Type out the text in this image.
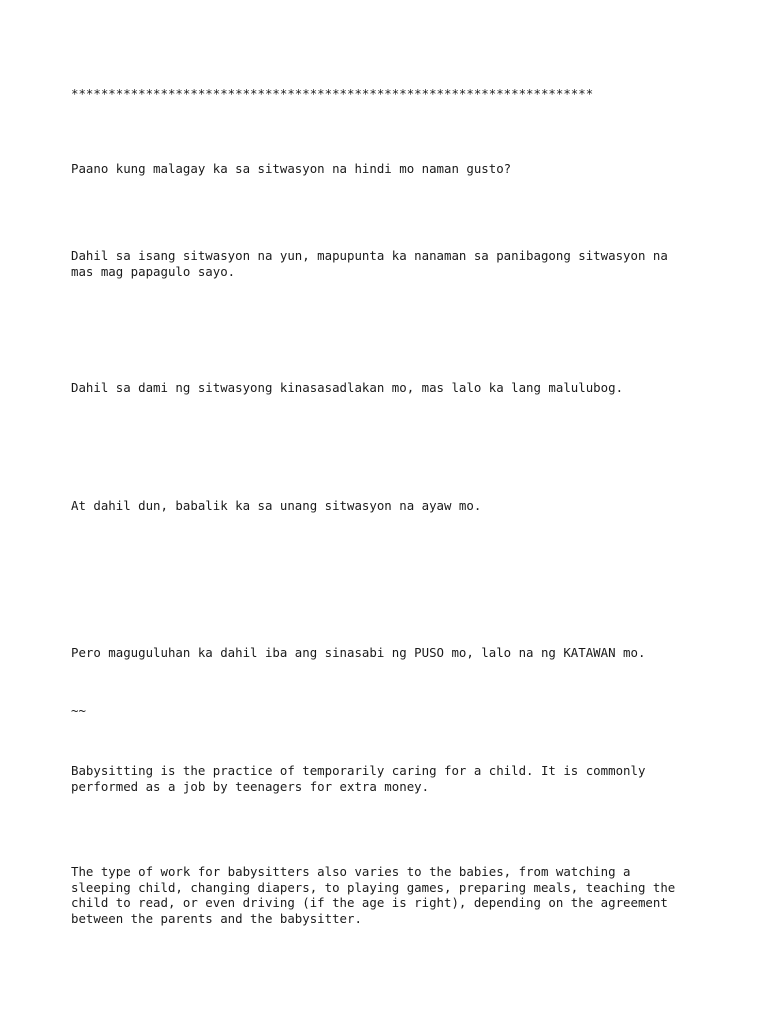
**********************************************************************

Paano kung malagay ka sa sitwasyon na hindi mo naman gusto?

Dahil sa isang sitwasyon na yun, mapupunta ka nanaman sa panibagong sitwasyon na
mas mag papagulo sayo.

Dahil sa dami ng sitwasyong kinasasadlakan mo, mas lalo ka lang malulubog.

At dahil dun, babalik ka sa unang sitwasyon na ayaw mo.

Pero maguguluhan ka dahil iba ang sinasabi ng PUSO mo, lalo na ng KATAWAN mo.

~~

Babysitting is the practice of temporarily caring for a child. It is commonly
performed as a job by teenagers for extra money.

The type of work for babysitters also varies to the babies, from watching a
sleeping child, changing diapers, to playing games, preparing meals, teaching the
child to read, or even driving (if the age is right), depending on the agreement
between the parents and the babysitter.
